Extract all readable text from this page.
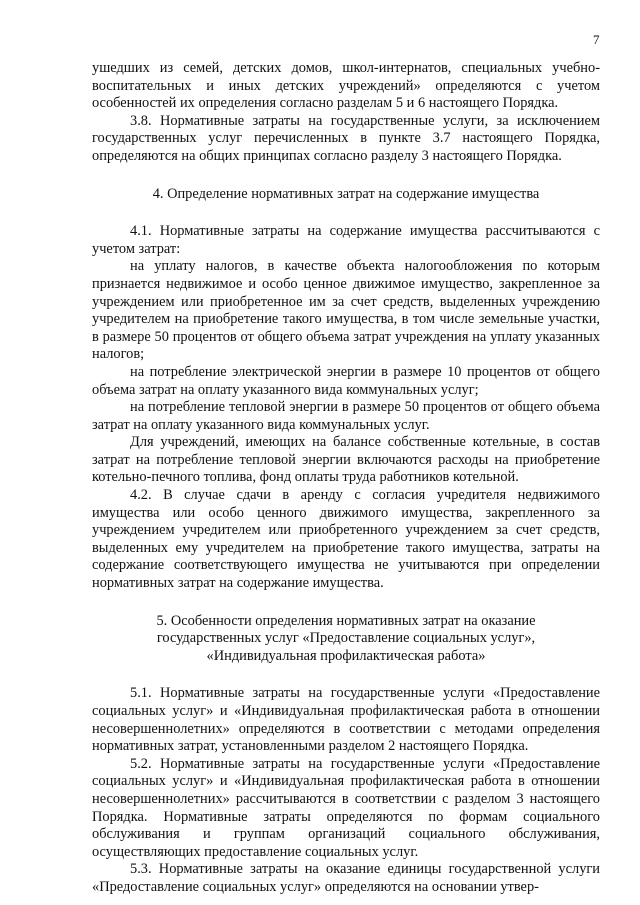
7

ушедших из семей, детских домов, школ-интернатов, специальных учебно-воспитательных и иных детских учреждений» определяются с учетом особенностей их определения согласно разделам 5 и 6 настоящего Порядка.

3.8. Нормативные затраты на государственные услуги, за исключением государственных услуг перечисленных в пункте 3.7 настоящего Порядка, определяются на общих принципах согласно разделу 3 настоящего Порядка.

4. Определение нормативных затрат на содержание имущества

4.1. Нормативные затраты на содержание имущества рассчитываются с учетом затрат:

на уплату налогов, в качестве объекта налогообложения по которым признается недвижимое и особо ценное движимое имущество, закрепленное за учреждением или приобретенное им за счет средств, выделенных учреждению учредителем на приобретение такого имущества, в том числе земельные участки, в размере 50 процентов от общего объема затрат учреждения на уплату указанных налогов;

на потребление электрической энергии в размере 10 процентов от общего объема затрат на оплату указанного вида коммунальных услуг;

на потребление тепловой энергии в размере 50 процентов от общего объема затрат на оплату указанного вида коммунальных услуг.

Для учреждений, имеющих на балансе собственные котельные, в состав затрат на потребление тепловой энергии включаются расходы на приобретение котельно-печного топлива, фонд оплаты труда работников котельной.

4.2. В случае сдачи в аренду с согласия учредителя недвижимого имущества или особо ценного движимого имущества, закрепленного за учреждением учредителем или приобретенного учреждением за счет средств, выделенных ему учредителем на приобретение такого имущества, затраты на содержание соответствующего имущества не учитываются при определении нормативных затрат на содержание имущества.

5. Особенности определения нормативных затрат на оказание
государственных услуг «Предоставление социальных услуг»,
«Индивидуальная профилактическая работа»

5.1. Нормативные затраты на государственные услуги «Предоставление социальных услуг» и «Индивидуальная профилактическая работа в отношении несовершеннолетних» определяются в соответствии с методами определения нормативных затрат, установленными разделом 2 настоящего Порядка.

5.2. Нормативные затраты на государственные услуги «Предоставление социальных услуг» и «Индивидуальная профилактическая работа в отношении несовершеннолетних» рассчитываются в соответствии с разделом 3 настоящего Порядка. Нормативные затраты определяются по формам социального обслуживания и группам организаций социального обслуживания, осуществляющих предоставление социальных услуг.

5.3. Нормативные затраты на оказание единицы государственной услуги «Предоставление социальных услуг» определяются на основании утвер-
